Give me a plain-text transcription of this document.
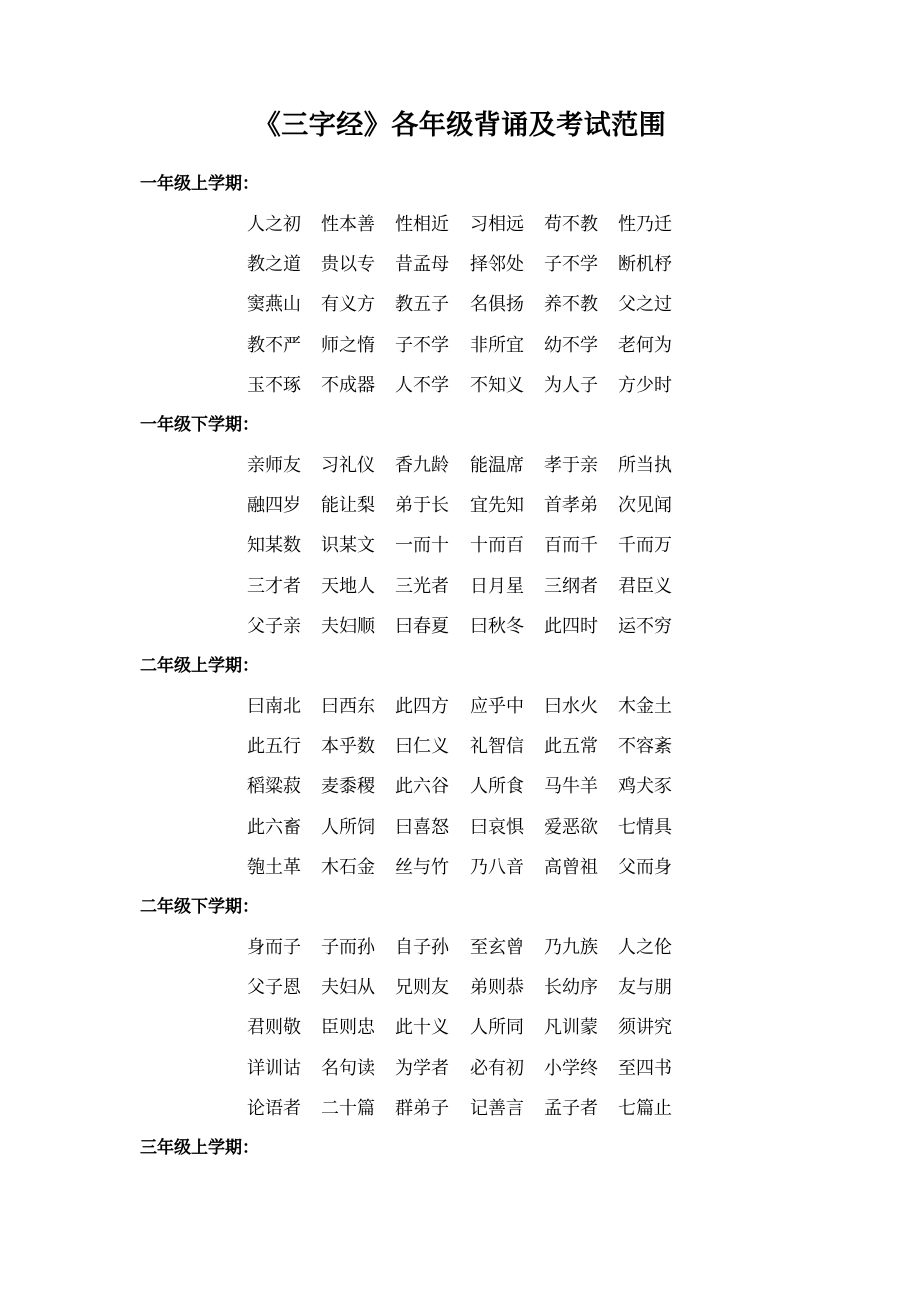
《三字经》各年级背诵及考试范围
一年级上学期：
人之初 性本善 性相近 习相远 苟不教 性乃迁
教之道 贵以专 昔孟母 择邻处 子不学 断机杼
窦燕山 有义方 教五子 名俱扬 养不教 父之过
教不严 师之惰 子不学 非所宜 幼不学 老何为
玉不琢 不成器 人不学 不知义 为人子 方少时
一年级下学期：
亲师友 习礼仪 香九龄 能温席 孝于亲 所当执
融四岁 能让梨 弟于长 宜先知 首孝弟 次见闻
知某数 识某文 一而十 十而百 百而千 千而万
三才者 天地人 三光者 日月星 三纲者 君臣义
父子亲 夫妇顺 曰春夏 曰秋冬 此四时 运不穷
二年级上学期：
曰南北 曰西东 此四方 应乎中 曰水火 木金土
此五行 本乎数 曰仁义 礼智信 此五常 不容紊
稻粱菽 麦黍稷 此六谷 人所食 马牛羊 鸡犬豕
此六畜 人所饲 曰喜怒 曰哀惧 爱恶欲 七情具
匏土革 木石金 丝与竹 乃八音 高曾祖 父而身
二年级下学期：
身而子 子而孙 自子孙 至玄曾 乃九族 人之伦
父子恩 夫妇从 兄则友 弟则恭 长幼序 友与朋
君则敬 臣则忠 此十义 人所同 凡训蒙 须讲究
详训诂 名句读 为学者 必有初 小学终 至四书
论语者 二十篇 群弟子 记善言 孟子者 七篇止
三年级上学期：
